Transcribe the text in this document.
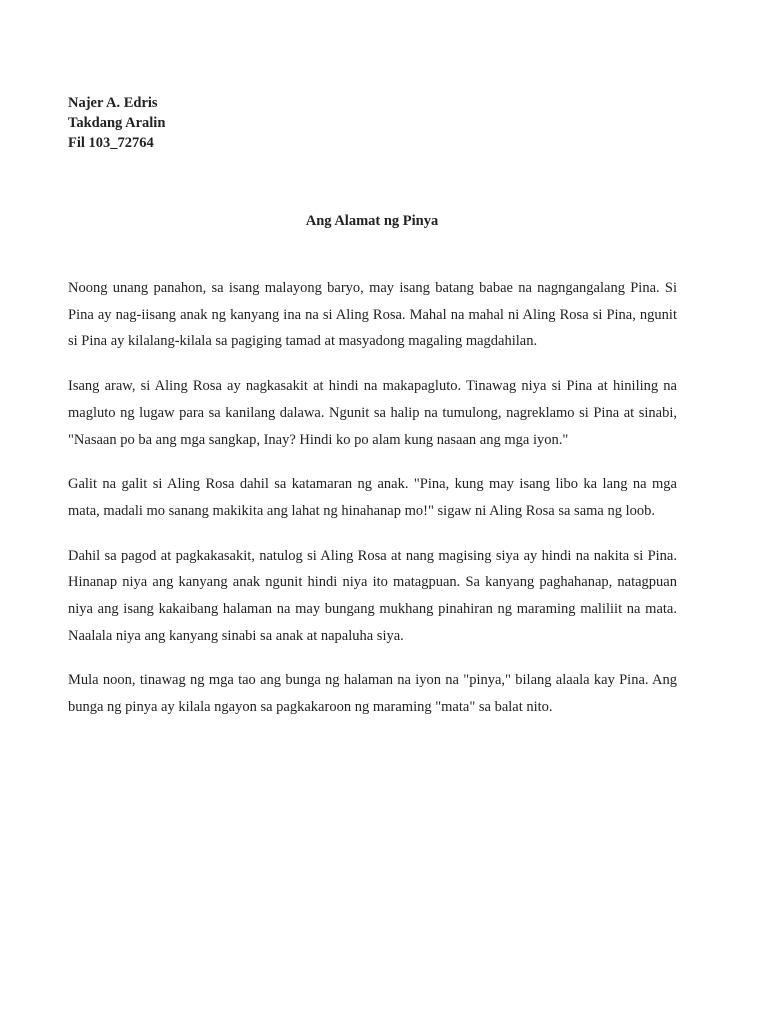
Najer A. Edris
Takdang Aralin
Fil 103_72764
Ang Alamat ng Pinya

Noong unang panahon, sa isang malayong baryo, may isang batang babae na nagngangalang Pina. Si Pina ay nag-iisang anak ng kanyang ina na si Aling Rosa. Mahal na mahal ni Aling Rosa si Pina, ngunit si Pina ay kilalang-kilala sa pagiging tamad at masyadong magaling magdahilan.

Isang araw, si Aling Rosa ay nagkasakit at hindi na makapagluto. Tinawag niya si Pina at hiniling na magluto ng lugaw para sa kanilang dalawa. Ngunit sa halip na tumulong, nagreklamo si Pina at sinabi, "Nasaan po ba ang mga sangkap, Inay? Hindi ko po alam kung nasaan ang mga iyon."

Galit na galit si Aling Rosa dahil sa katamaran ng anak. "Pina, kung may isang libo ka lang na mga mata, madali mo sanang makikita ang lahat ng hinahanap mo!" sigaw ni Aling Rosa sa sama ng loob.

Dahil sa pagod at pagkakasakit, natulog si Aling Rosa at nang magising siya ay hindi na nakita si Pina. Hinanap niya ang kanyang anak ngunit hindi niya ito matagpuan. Sa kanyang paghahanap, natagpuan niya ang isang kakaibang halaman na may bungang mukhang pinahiran ng maraming maliliit na mata. Naalala niya ang kanyang sinabi sa anak at napaluha siya.

Mula noon, tinawag ng mga tao ang bunga ng halaman na iyon na "pinya," bilang alaala kay Pina. Ang bunga ng pinya ay kilala ngayon sa pagkakaroon ng maraming "mata" sa balat nito.
